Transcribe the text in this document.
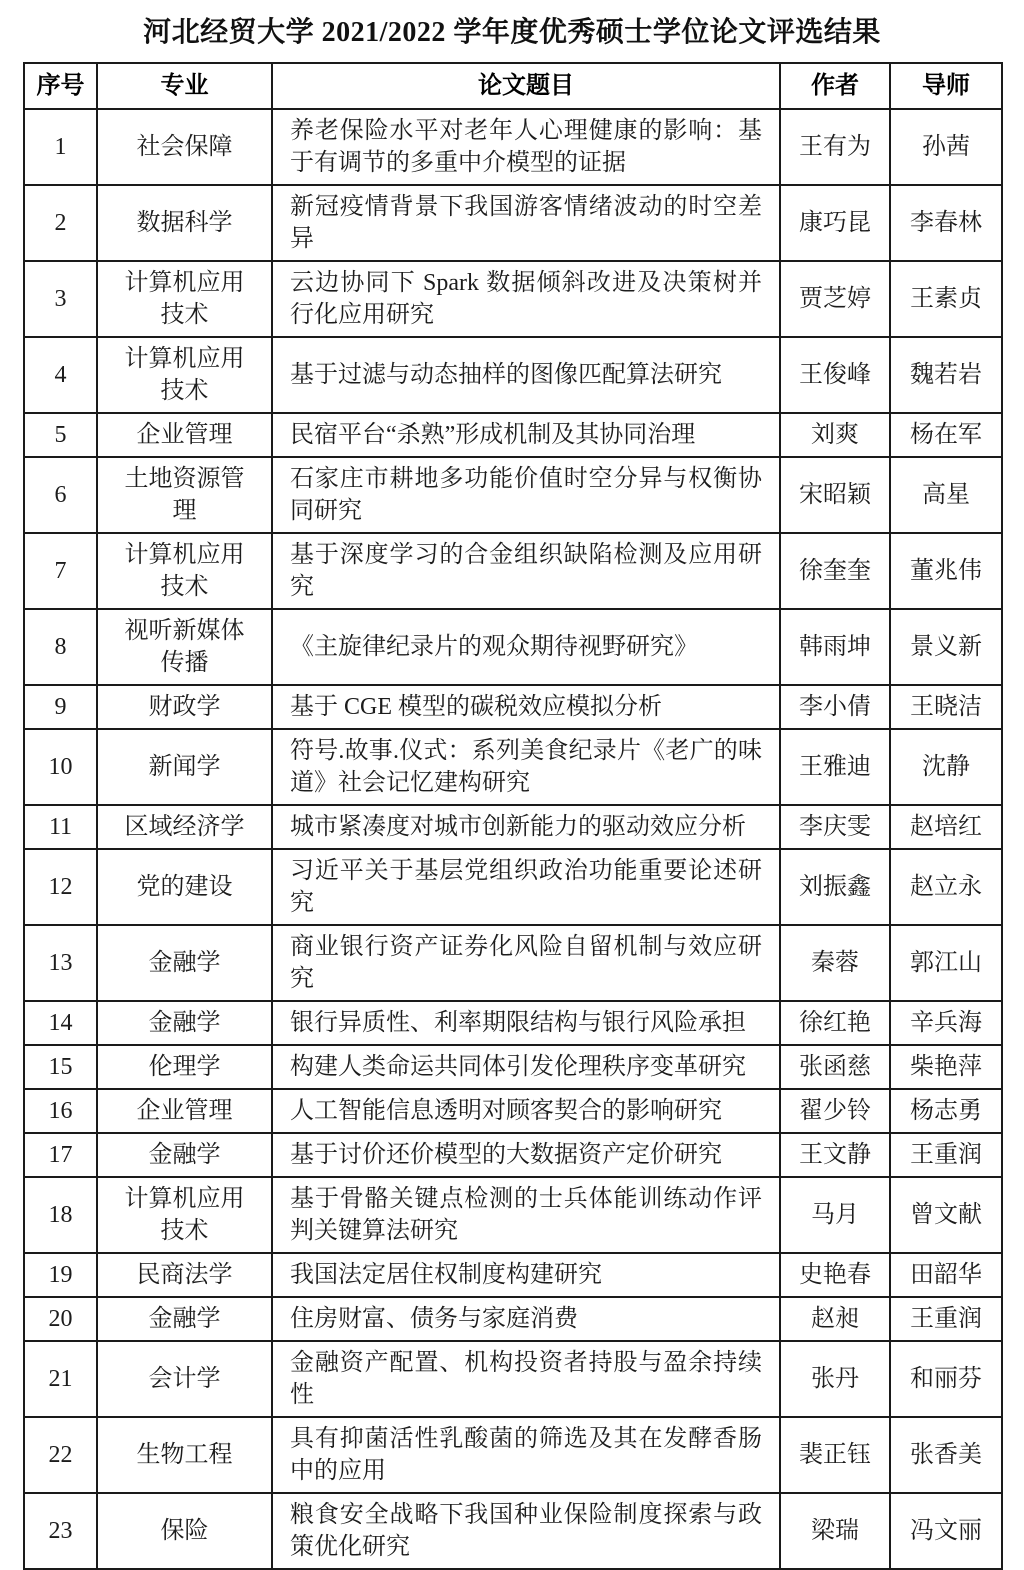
河北经贸大学 2021/2022 学年度优秀硕士学位论文评选结果
序号	专业	论文题目	作者	导师
1	社会保障	养老保险水平对老年人心理健康的影响：基于有调节的多重中介模型的证据	王有为	孙茜
2	数据科学	新冠疫情背景下我国游客情绪波动的时空差异	康巧昆	李春林
3	计算机应用技术	云边协同下 Spark 数据倾斜改进及决策树并行化应用研究	贾芝婷	王素贞
4	计算机应用技术	基于过滤与动态抽样的图像匹配算法研究	王俊峰	魏若岩
5	企业管理	民宿平台“杀熟”形成机制及其协同治理	刘爽	杨在军
6	土地资源管理	石家庄市耕地多功能价值时空分异与权衡协同研究	宋昭颖	高星
7	计算机应用技术	基于深度学习的合金组织缺陷检测及应用研究	徐奎奎	董兆伟
8	视听新媒体传播	《主旋律纪录片的观众期待视野研究》	韩雨坤	景义新
9	财政学	基于 CGE 模型的碳税效应模拟分析	李小倩	王晓洁
10	新闻学	符号.故事.仪式：系列美食纪录片《老广的味道》社会记忆建构研究	王雅迪	沈静
11	区域经济学	城市紧凑度对城市创新能力的驱动效应分析	李庆雯	赵培红
12	党的建设	习近平关于基层党组织政治功能重要论述研究	刘振鑫	赵立永
13	金融学	商业银行资产证券化风险自留机制与效应研究	秦蓉	郭江山
14	金融学	银行异质性、利率期限结构与银行风险承担	徐红艳	辛兵海
15	伦理学	构建人类命运共同体引发伦理秩序变革研究	张函慈	柴艳萍
16	企业管理	人工智能信息透明对顾客契合的影响研究	翟少铃	杨志勇
17	金融学	基于讨价还价模型的大数据资产定价研究	王文静	王重润
18	计算机应用技术	基于骨骼关键点检测的士兵体能训练动作评判关键算法研究	马月	曾文献
19	民商法学	我国法定居住权制度构建研究	史艳春	田韶华
20	金融学	住房财富、债务与家庭消费	赵昶	王重润
21	会计学	金融资产配置、机构投资者持股与盈余持续性	张丹	和丽芬
22	生物工程	具有抑菌活性乳酸菌的筛选及其在发酵香肠中的应用	裴正钰	张香美
23	保险	粮食安全战略下我国种业保险制度探索与政策优化研究	梁瑞	冯文丽
